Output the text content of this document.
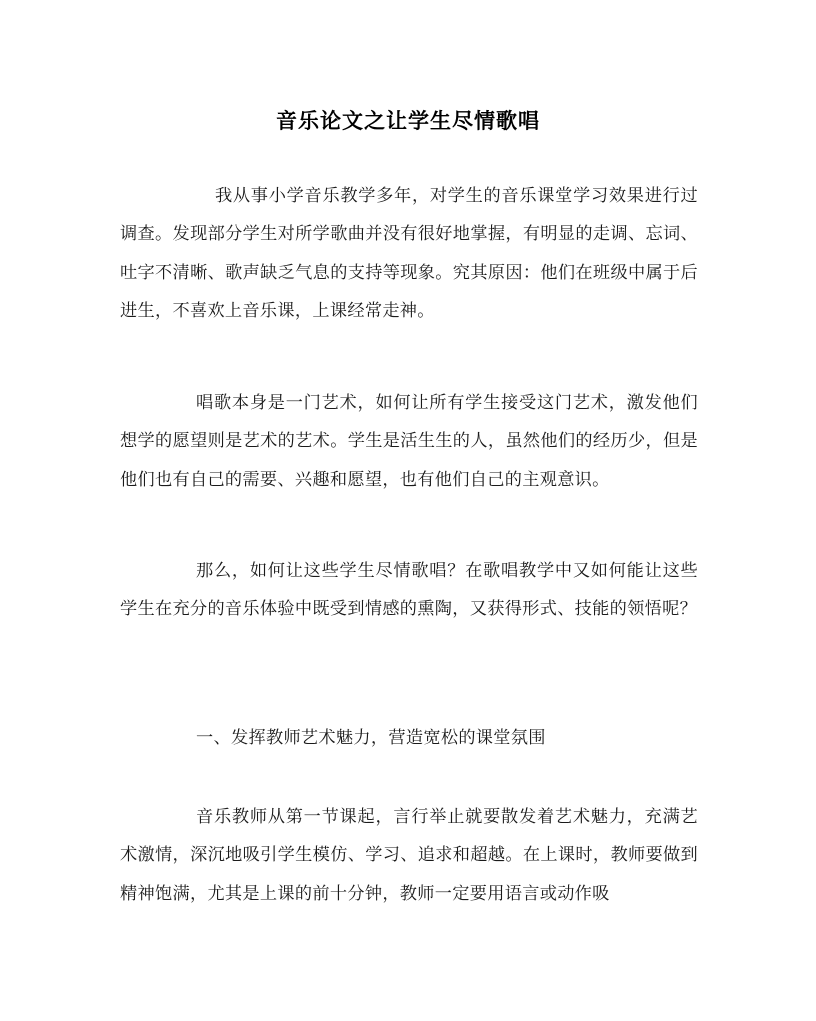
音乐论文之让学生尽情歌唱

我从事小学音乐教学多年，对学生的音乐课堂学习效果进行过调查。发现部分学生对所学歌曲并没有很好地掌握，有明显的走调、忘词、吐字不清晰、歌声缺乏气息的支持等现象。究其原因：他们在班级中属于后进生，不喜欢上音乐课，上课经常走神。

唱歌本身是一门艺术，如何让所有学生接受这门艺术，激发他们想学的愿望则是艺术的艺术。学生是活生生的人，虽然他们的经历少，但是他们也有自己的需要、兴趣和愿望，也有他们自己的主观意识。

那么，如何让这些学生尽情歌唱？在歌唱教学中又如何能让这些学生在充分的音乐体验中既受到情感的熏陶，又获得形式、技能的领悟呢？

一、发挥教师艺术魅力，营造宽松的课堂氛围

音乐教师从第一节课起，言行举止就要散发着艺术魅力，充满艺术激情，深沉地吸引学生模仿、学习、追求和超越。在上课时，教师要做到精神饱满，尤其是上课的前十分钟，教师一定要用语言或动作吸
